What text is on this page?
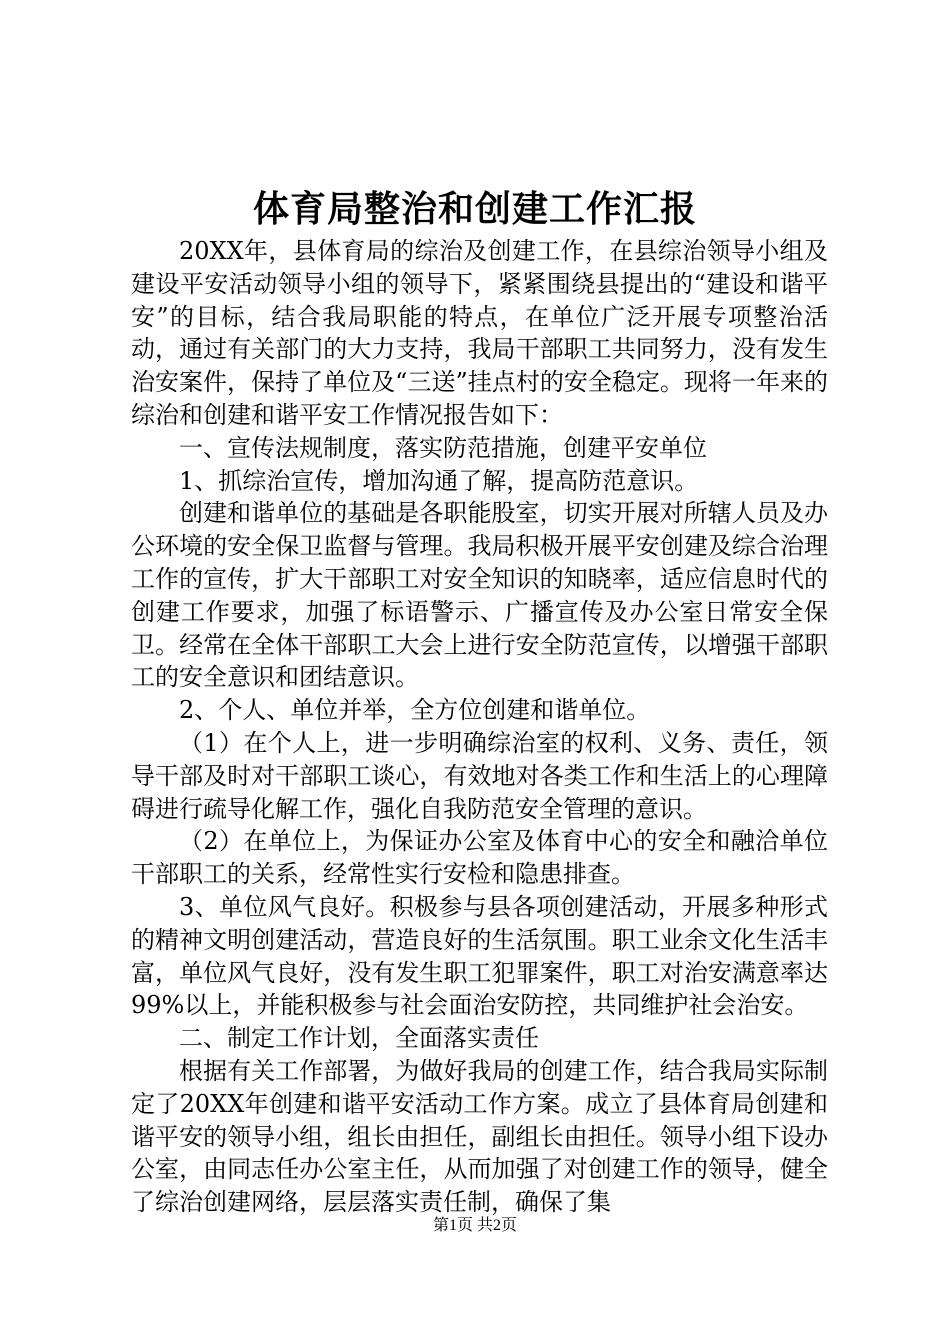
体育局整治和创建工作汇报

20XX年，县体育局的综治及创建工作，在县综治领导小组及建设平安活动领导小组的领导下，紧紧围绕县提出的“建设和谐平安”的目标，结合我局职能的特点，在单位广泛开展专项整治活动，通过有关部门的大力支持，我局干部职工共同努力，没有发生治安案件，保持了单位及“三送”挂点村的安全稳定。现将一年来的综治和创建和谐平安工作情况报告如下：

一、宣传法规制度，落实防范措施，创建平安单位

1、抓综治宣传，增加沟通了解，提高防范意识。

创建和谐单位的基础是各职能股室，切实开展对所辖人员及办公环境的安全保卫监督与管理。我局积极开展平安创建及综合治理工作的宣传，扩大干部职工对安全知识的知晓率，适应信息时代的创建工作要求，加强了标语警示、广播宣传及办公室日常安全保卫。经常在全体干部职工大会上进行安全防范宣传，以增强干部职工的安全意识和团结意识。

2、个人、单位并举，全方位创建和谐单位。

（1）在个人上，进一步明确综治室的权利、义务、责任，领导干部及时对干部职工谈心，有效地对各类工作和生活上的心理障碍进行疏导化解工作，强化自我防范安全管理的意识。

（2）在单位上，为保证办公室及体育中心的安全和融洽单位干部职工的关系，经常性实行安检和隐患排查。

3、单位风气良好。积极参与县各项创建活动，开展多种形式的精神文明创建活动，营造良好的生活氛围。职工业余文化生活丰富，单位风气良好，没有发生职工犯罪案件，职工对治安满意率达99%以上，并能积极参与社会面治安防控，共同维护社会治安。

二、制定工作计划，全面落实责任

根据有关工作部署，为做好我局的创建工作，结合我局实际制定了20XX年创建和谐平安活动工作方案。成立了县体育局创建和谐平安的领导小组，组长由担任，副组长由担任。领导小组下设办公室，由同志任办公室主任，从而加强了对创建工作的领导，健全了综治创建网络，层层落实责任制，确保了集

第1页 共2页
